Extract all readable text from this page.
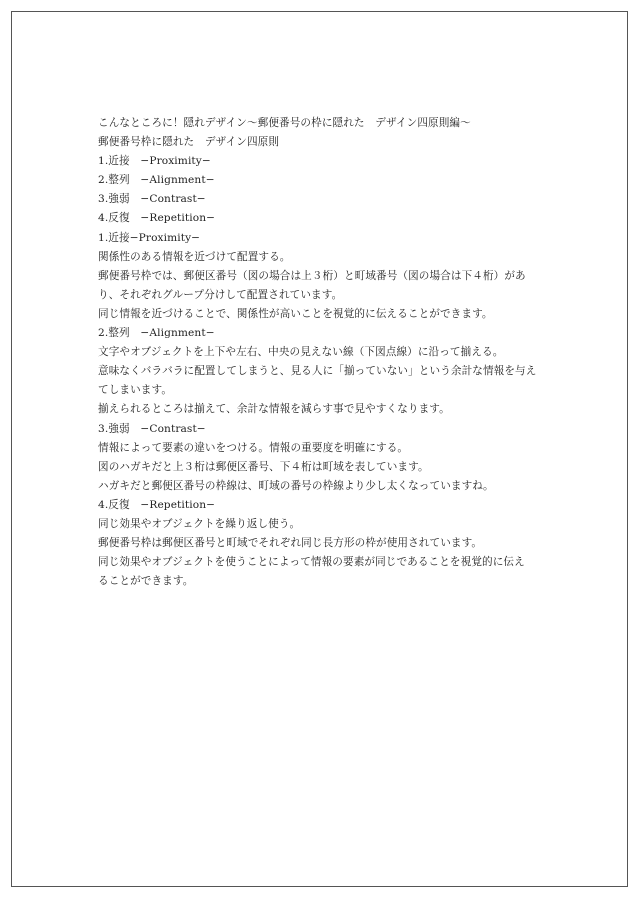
こんなところに！隠れデザイン〜郵便番号の枠に隠れた　デザイン四原則編〜

郵便番号枠に隠れた　デザイン四原則

1.近接　−Proximity−

2.整列　−Alignment−

3.強弱　−Contrast−

4.反復　−Repetition−

1.近接−Proximity−

関係性のある情報を近づけて配置する。

郵便番号枠では、郵便区番号（図の場合は上３桁）と町域番号（図の場合は下４桁）があ

り、それぞれグループ分けして配置されています。

同じ情報を近づけることで、関係性が高いことを視覚的に伝えることができます。

2.整列　−Alignment−

文字やオブジェクトを上下や左右、中央の見えない線（下図点線）に沿って揃える。

意味なくバラバラに配置してしまうと、見る人に「揃っていない」という余計な情報を与え

てしまいます。

揃えられるところは揃えて、余計な情報を減らす事で見やすくなります。

3.強弱　−Contrast−

情報によって要素の違いをつける。情報の重要度を明確にする。

図のハガキだと上３桁は郵便区番号、下４桁は町域を表しています。

ハガキだと郵便区番号の枠線は、町域の番号の枠線より少し太くなっていますね。

4.反復　−Repetition−

同じ効果やオブジェクトを繰り返し使う。

郵便番号枠は郵便区番号と町域でそれぞれ同じ長方形の枠が使用されています。

同じ効果やオブジェクトを使うことによって情報の要素が同じであることを視覚的に伝え

ることができます。
